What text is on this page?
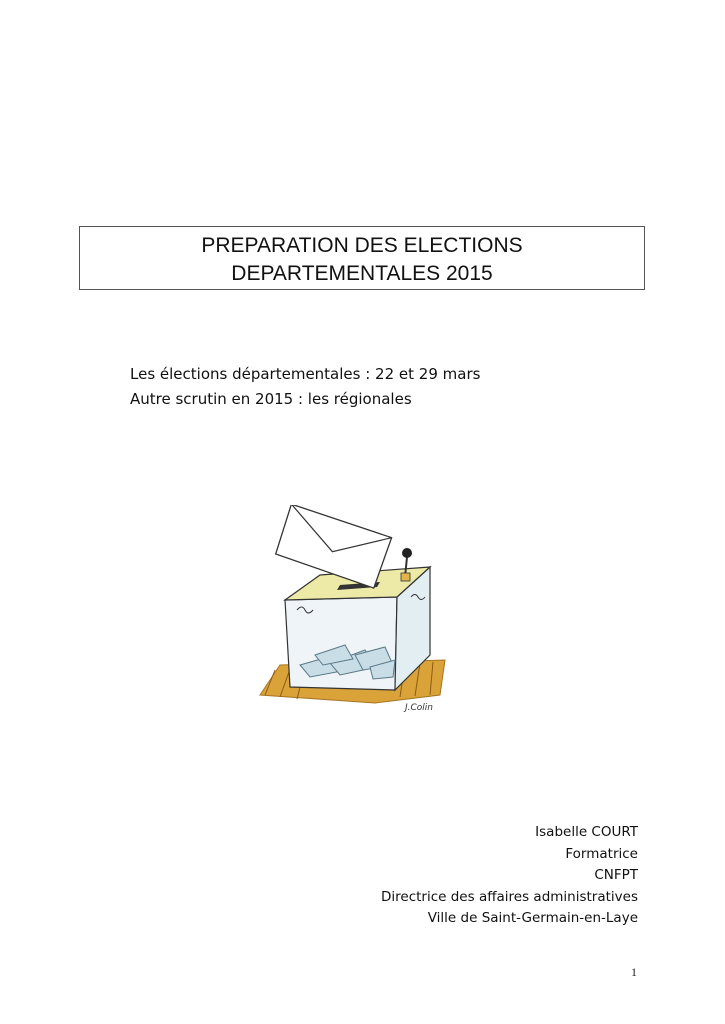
PREPARATION DES ELECTIONS
DEPARTEMENTALES 2015
Les élections départementales : 22 et 29 mars
Autre scrutin en 2015 : les régionales
J.Colin
Isabelle COURT
Formatrice
CNFPT
Directrice des affaires administratives
Ville de Saint-Germain-en-Laye
1
